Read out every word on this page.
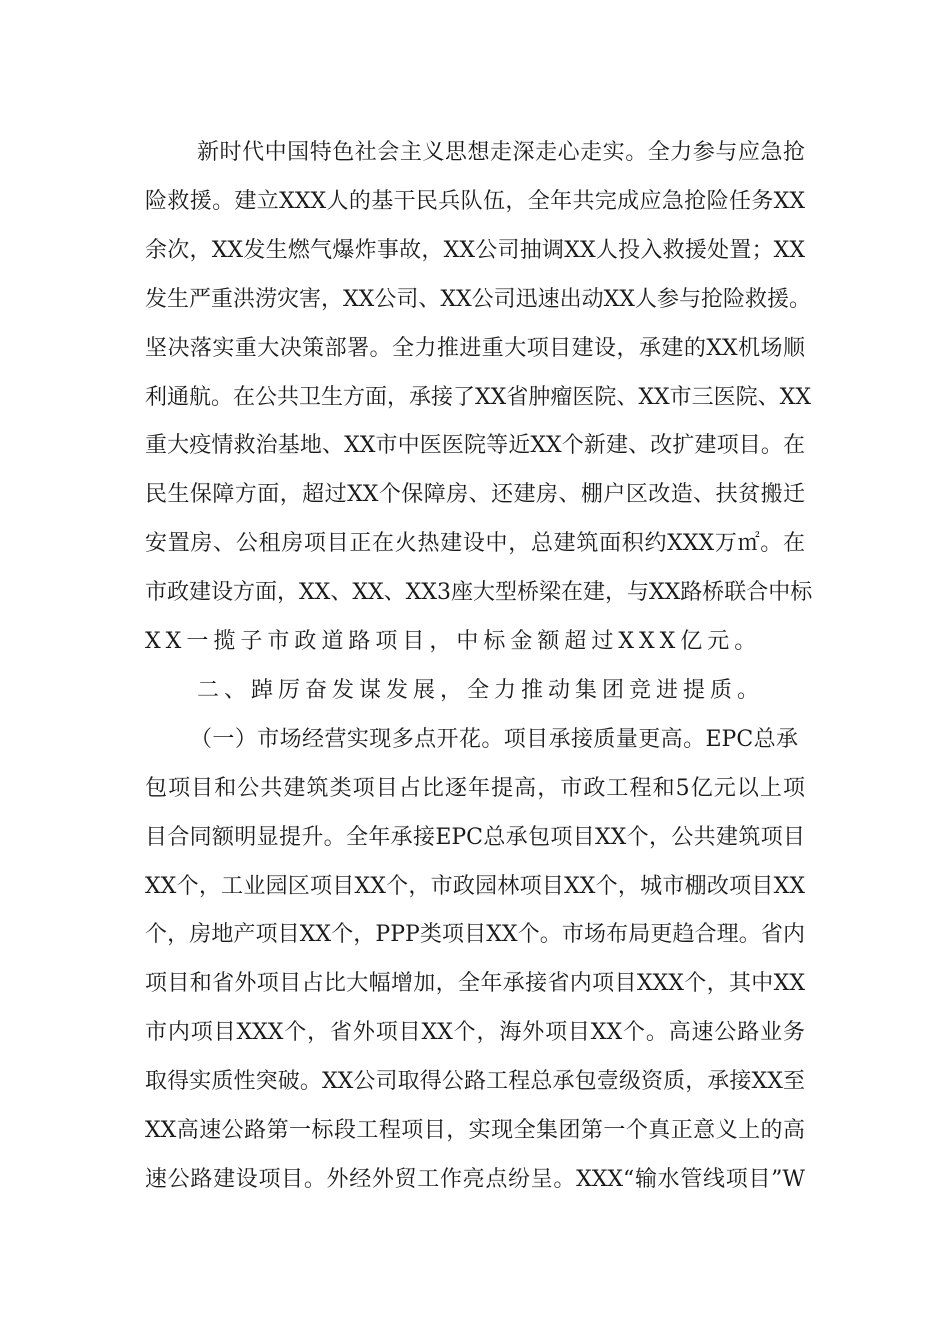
新时代中国特色社会主义思想走深走心走实。全力参与应急抢
险救援。建立XXX人的基干民兵队伍，全年共完成应急抢险任务XX
余次，XX发生燃气爆炸事故，XX公司抽调XX人投入救援处置；XX
发生严重洪涝灾害，XX公司、XX公司迅速出动XX人参与抢险救援。
坚决落实重大决策部署。全力推进重大项目建设，承建的XX机场顺
利通航。在公共卫生方面，承接了XX省肿瘤医院、XX市三医院、XX
重大疫情救治基地、XX市中医医院等近XX个新建、改扩建项目。在
民生保障方面，超过XX个保障房、还建房、棚户区改造、扶贫搬迁
安置房、公租房项目正在火热建设中，总建筑面积约XXX万㎡。在
市政建设方面，XX、XX、XX3座大型桥梁在建，与XX路桥联合中标
XX一揽子市政道路项目，中标金额超过XXX亿元。
二、踔厉奋发谋发展，全力推动集团竞进提质。
（一）市场经营实现多点开花。项目承接质量更高。EPC总承
包项目和公共建筑类项目占比逐年提高，市政工程和5亿元以上项
目合同额明显提升。全年承接EPC总承包项目XX个，公共建筑项目
XX个，工业园区项目XX个，市政园林项目XX个，城市棚改项目XX
个，房地产项目XX个，PPP类项目XX个。市场布局更趋合理。省内
项目和省外项目占比大幅增加，全年承接省内项目XXX个，其中XX
市内项目XXX个，省外项目XX个，海外项目XX个。高速公路业务
取得实质性突破。XX公司取得公路工程总承包壹级资质，承接XX至
XX高速公路第一标段工程项目，实现全集团第一个真正意义上的高
速公路建设项目。外经外贸工作亮点纷呈。XXX“输水管线项目”W
